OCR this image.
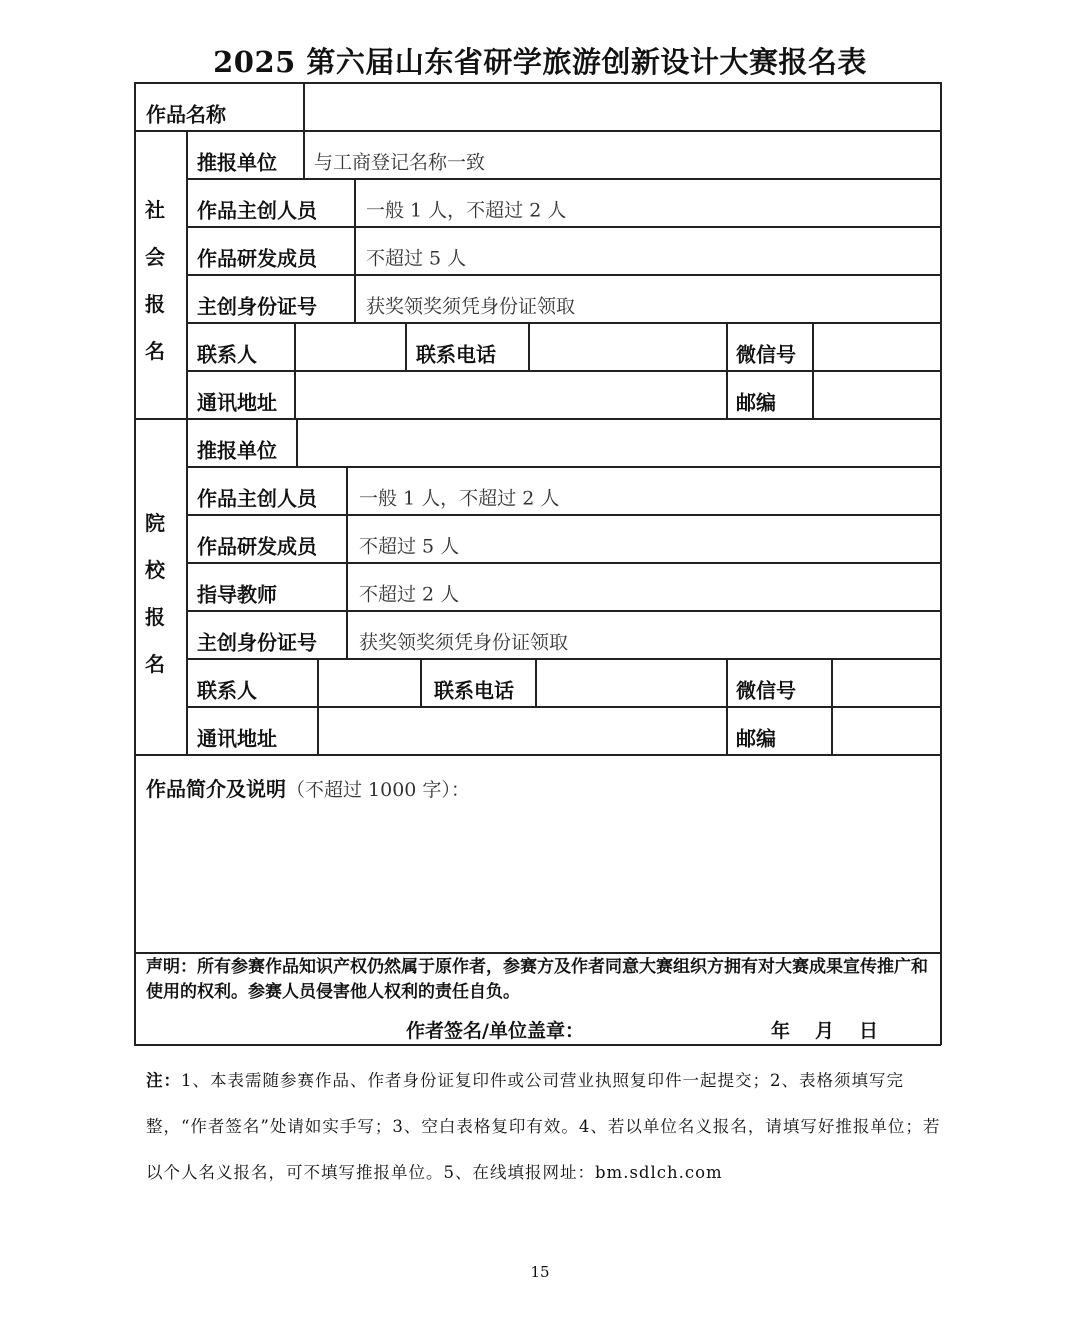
2025 第六届山东省研学旅游创新设计大赛报名表
作品名称
社
会
报
名
推报单位 与工商登记名称一致
作品主创人员	一般 1 人，不超过 2 人
作品研发成员	不超过 5 人
主创身份证号	获奖领奖须凭身份证领取
联系人	联系电话	微信号
通讯地址	邮编
院
校
报
名
推报单位
作品主创人员 一般 1 人，不超过 2 人
作品研发成员 不超过 5 人
指导教师	不超过 2 人
主创身份证号 获奖领奖须凭身份证领取
联系人	联系电话	微信号
通讯地址	邮编
作品简介及说明（不超过 1000 字）：
声明：所有参赛作品知识产权仍然属于原作者，参赛方及作者同意大赛组织方拥有对大赛成果宣传推广和使用的权利。参赛人员侵害他人权利的责任自负。
作者签名/单位盖章：	年 月 日
注：1、本表需随参赛作品、作者身份证复印件或公司营业执照复印件一起提交；2、表格须填写完整，“作者签名”处请如实手写；3、空白表格复印有效。4、若以单位名义报名，请填写好推报单位；若以个人名义报名，可不填写推报单位。5、在线填报网址：bm.sdlch.com
15
